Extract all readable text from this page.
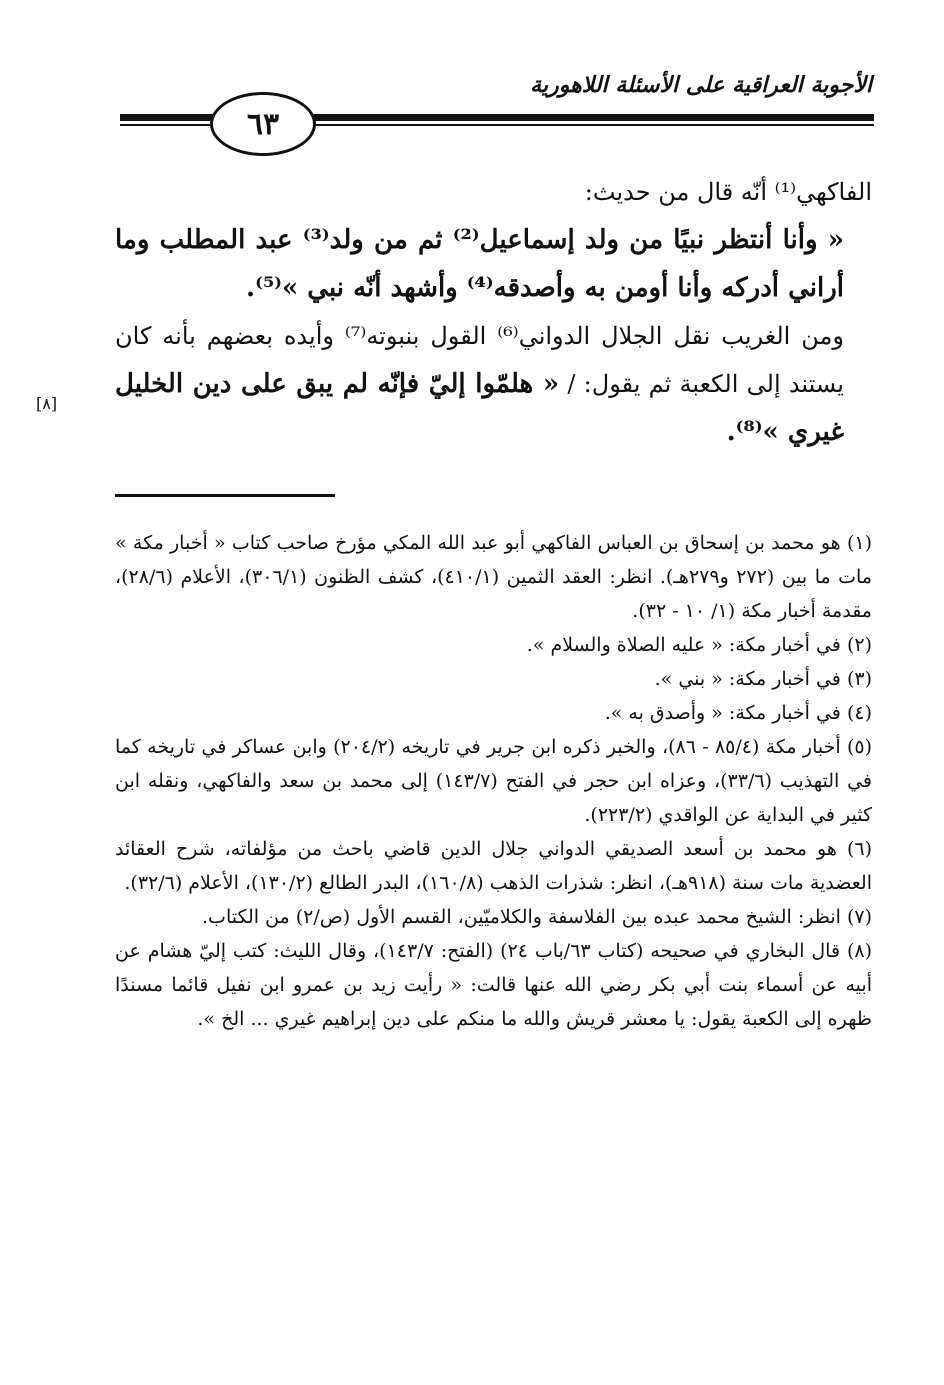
الأجوبة العراقية على الأسئلة اللاهورية
٦٣
[٨]

الفاكهي⁽¹⁾ أنّه قال من حديث:

« وأنا أنتظر نبيًا من ولد إسماعيل⁽²⁾ ثم من ولد⁽³⁾ عبد المطلب وما أراني أدركه وأنا أومن به وأصدقه⁽⁴⁾ وأشهد أنّه نبي »⁽⁵⁾.

ومن الغريب نقل الجلال الدواني⁽⁶⁾ القول بنبوته⁽⁷⁾ وأيده بعضهم بأنه كان يستند إلى الكعبة ثم يقول: / « هلمّوا إليّ فإنّه لم يبق على دين الخليل غيري »⁽⁸⁾.

(١) هو محمد بن إسحاق بن العباس الفاكهي أبو عبد الله المكي مؤرخ صاحب كتاب « أخبار مكة » مات ما بين (٢٧٢ و٢٧٩هـ). انظر: العقد الثمين (٤١٠/١)، كشف الظنون (٣٠٦/١)، الأعلام (٢٨/٦)، مقدمة أخبار مكة (١/ ١٠ - ٣٢).

(٢) في أخبار مكة: « عليه الصلاة والسلام ».

(٣) في أخبار مكة: « بني ».

(٤) في أخبار مكة: « وأصدق به ».

(٥) أخبار مكة (٨٥/٤ - ٨٦)، والخبر ذكره ابن جرير في تاريخه (٢٠٤/٢) وابن عساكر في تاريخه كما في التهذيب (٣٣/٦)، وعزاه ابن حجر في الفتح (١٤٣/٧) إلى محمد بن سعد والفاكهي، ونقله ابن كثير في البداية عن الواقدي (٢٢٣/٢).

(٦) هو محمد بن أسعد الصديقي الدواني جلال الدين قاضي باحث من مؤلفاته، شرح العقائد العضدية مات سنة (٩١٨هـ)، انظر: شذرات الذهب (١٦٠/٨)، البدر الطالع (١٣٠/٢)، الأعلام (٣٢/٦).

(٧) انظر: الشيخ محمد عبده بين الفلاسفة والكلاميّين، القسم الأول (ص/٢) من الكتاب.

(٨) قال البخاري في صحيحه (كتاب ٦٣/باب ٢٤) (الفتح: ١٤٣/٧)، وقال الليث: كتب إليّ هشام عن أبيه عن أسماء بنت أبي بكر رضي الله عنها قالت: « رأيت زيد بن عمرو ابن نفيل قائما مسندًا ظهره إلى الكعبة يقول: يا معشر قريش والله ما منكم على دين إبراهيم غيري ... الخ ».
